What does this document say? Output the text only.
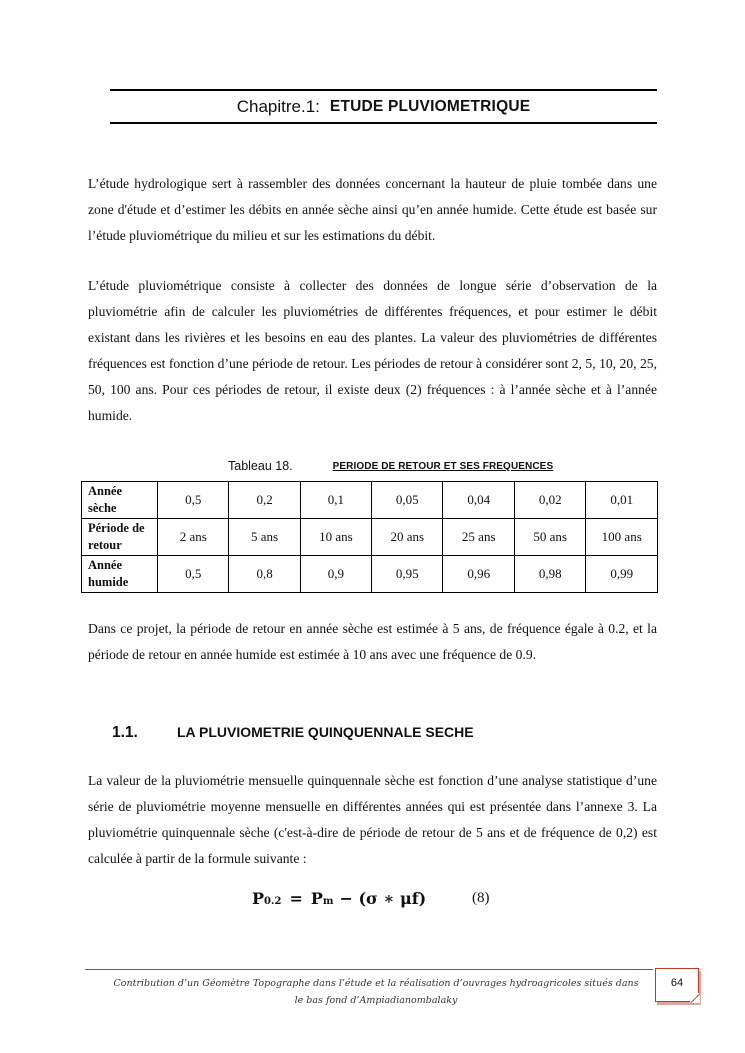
Chapitre.1: ETUDE PLUVIOMETRIQUE

L’étude hydrologique sert à rassembler des données concernant la hauteur de pluie tombée dans une zone d'étude et d’estimer les débits en année sèche ainsi qu’en année humide. Cette étude est basée sur l’étude pluviométrique du milieu et sur les estimations du débit.

L’étude pluviométrique consiste à collecter des données de longue série d’observation de la pluviométrie afin de calculer les pluviométries de différentes fréquences, et pour estimer le débit existant dans les rivières et les besoins en eau des plantes. La valeur des pluviométries de différentes fréquences est fonction d’une période de retour. Les périodes de retour à considérer sont 2, 5, 10, 20, 25, 50, 100 ans. Pour ces périodes de retour, il existe deux (2) fréquences : à l’année sèche et à l’année humide.

Tableau 18.	PERIODE DE RETOUR ET SES FREQUENCES
Année sèche	0,5	0,2	0,1	0,05	0,04	0,02	0,01
Période de retour	2 ans	5 ans	10 ans	20 ans	25 ans	50 ans	100 ans
Année humide	0,5	0,8	0,9	0,95	0,96	0,98	0,99

Dans ce projet, la période de retour en année sèche est estimée à 5 ans, de fréquence égale à 0.2, et la période de retour en année humide est estimée à 10 ans avec une fréquence de 0.9.

1.1.	LA PLUVIOMETRIE QUINQUENNALE SECHE

La valeur de la pluviométrie mensuelle quinquennale sèche est fonction d’une analyse statistique d’une série de pluviométrie moyenne mensuelle en différentes années qui est présentée dans l’annexe 3. La pluviométrie quinquennale sèche (c'est-à-dire de période de retour de 5 ans et de fréquence de 0,2) est calculée à partir de la formule suivante :

P 0.2 = P m − (σ ∗ μf)	(8)

Contribution d’un Géomètre Topographe dans l’étude et la réalisation d’ouvrages hydroagricoles situés dans le bas fond d’Ampiadianombalaky

64
